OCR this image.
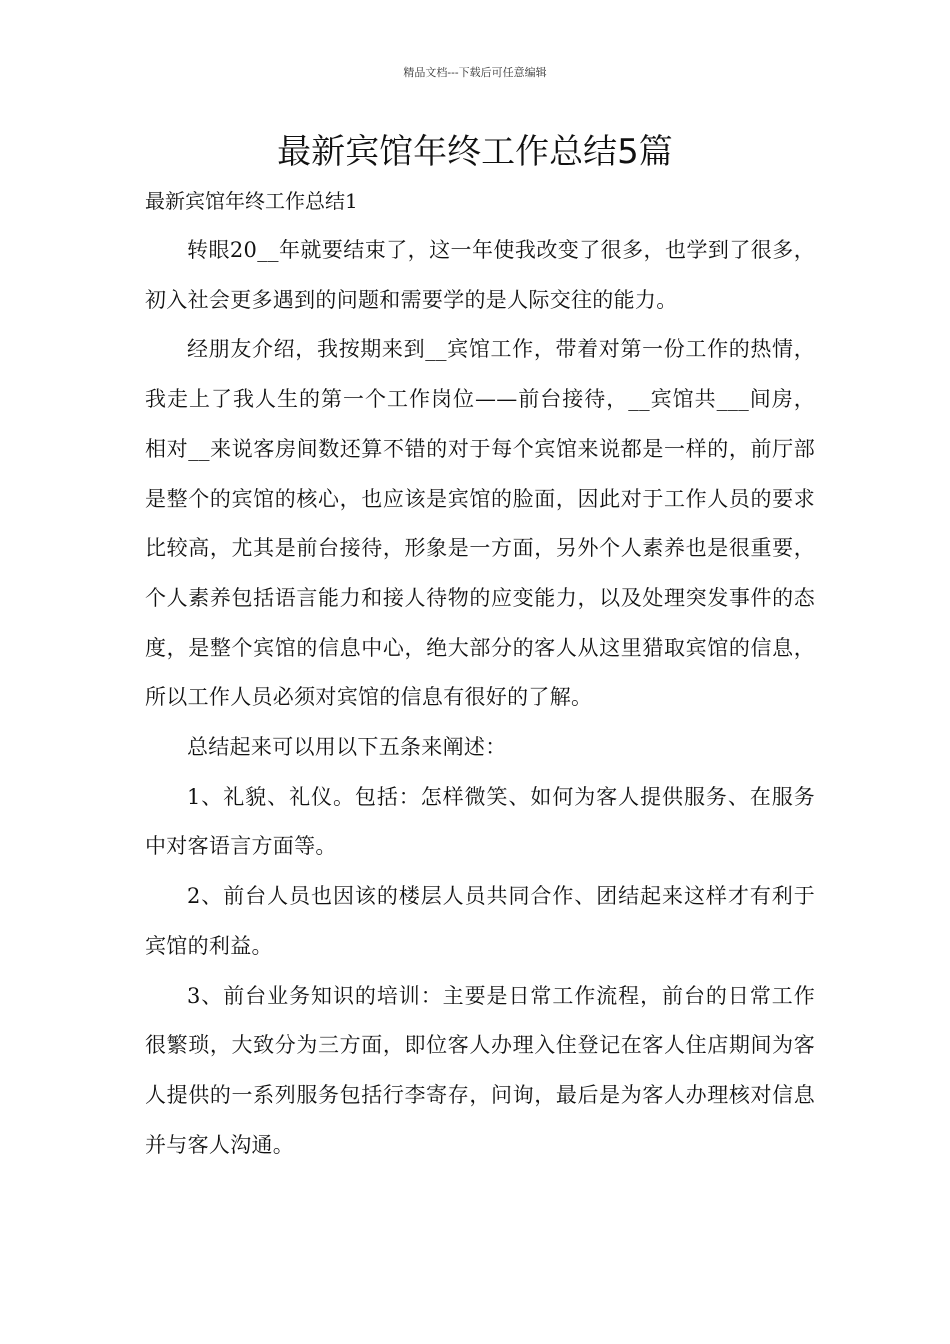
精品文档---下载后可任意编辑
最新宾馆年终工作总结5篇
最新宾馆年终工作总结1

转眼20__年就要结束了，这一年使我改变了很多，也学到了很多，初入社会更多遇到的问题和需要学的是人际交往的能力。

经朋友介绍，我按期来到__宾馆工作，带着对第一份工作的热情，我走上了我人生的第一个工作岗位——前台接待，__宾馆共___间房，相对__来说客房间数还算不错的对于每个宾馆来说都是一样的，前厅部是整个的宾馆的核心，也应该是宾馆的脸面，因此对于工作人员的要求比较高，尤其是前台接待，形象是一方面，另外个人素养也是很重要，个人素养包括语言能力和接人待物的应变能力，以及处理突发事件的态度，是整个宾馆的信息中心，绝大部分的客人从这里猎取宾馆的信息，所以工作人员必须对宾馆的信息有很好的了解。

总结起来可以用以下五条来阐述：

1、礼貌、礼仪。包括：怎样微笑、如何为客人提供服务、在服务中对客语言方面等。

2、前台人员也因该的楼层人员共同合作、团结起来这样才有利于宾馆的利益。

3、前台业务知识的培训：主要是日常工作流程，前台的日常工作很繁琐，大致分为三方面，即位客人办理入住登记在客人住店期间为客人提供的一系列服务包括行李寄存，问询，最后是为客人办理核对信息并与客人沟通。
